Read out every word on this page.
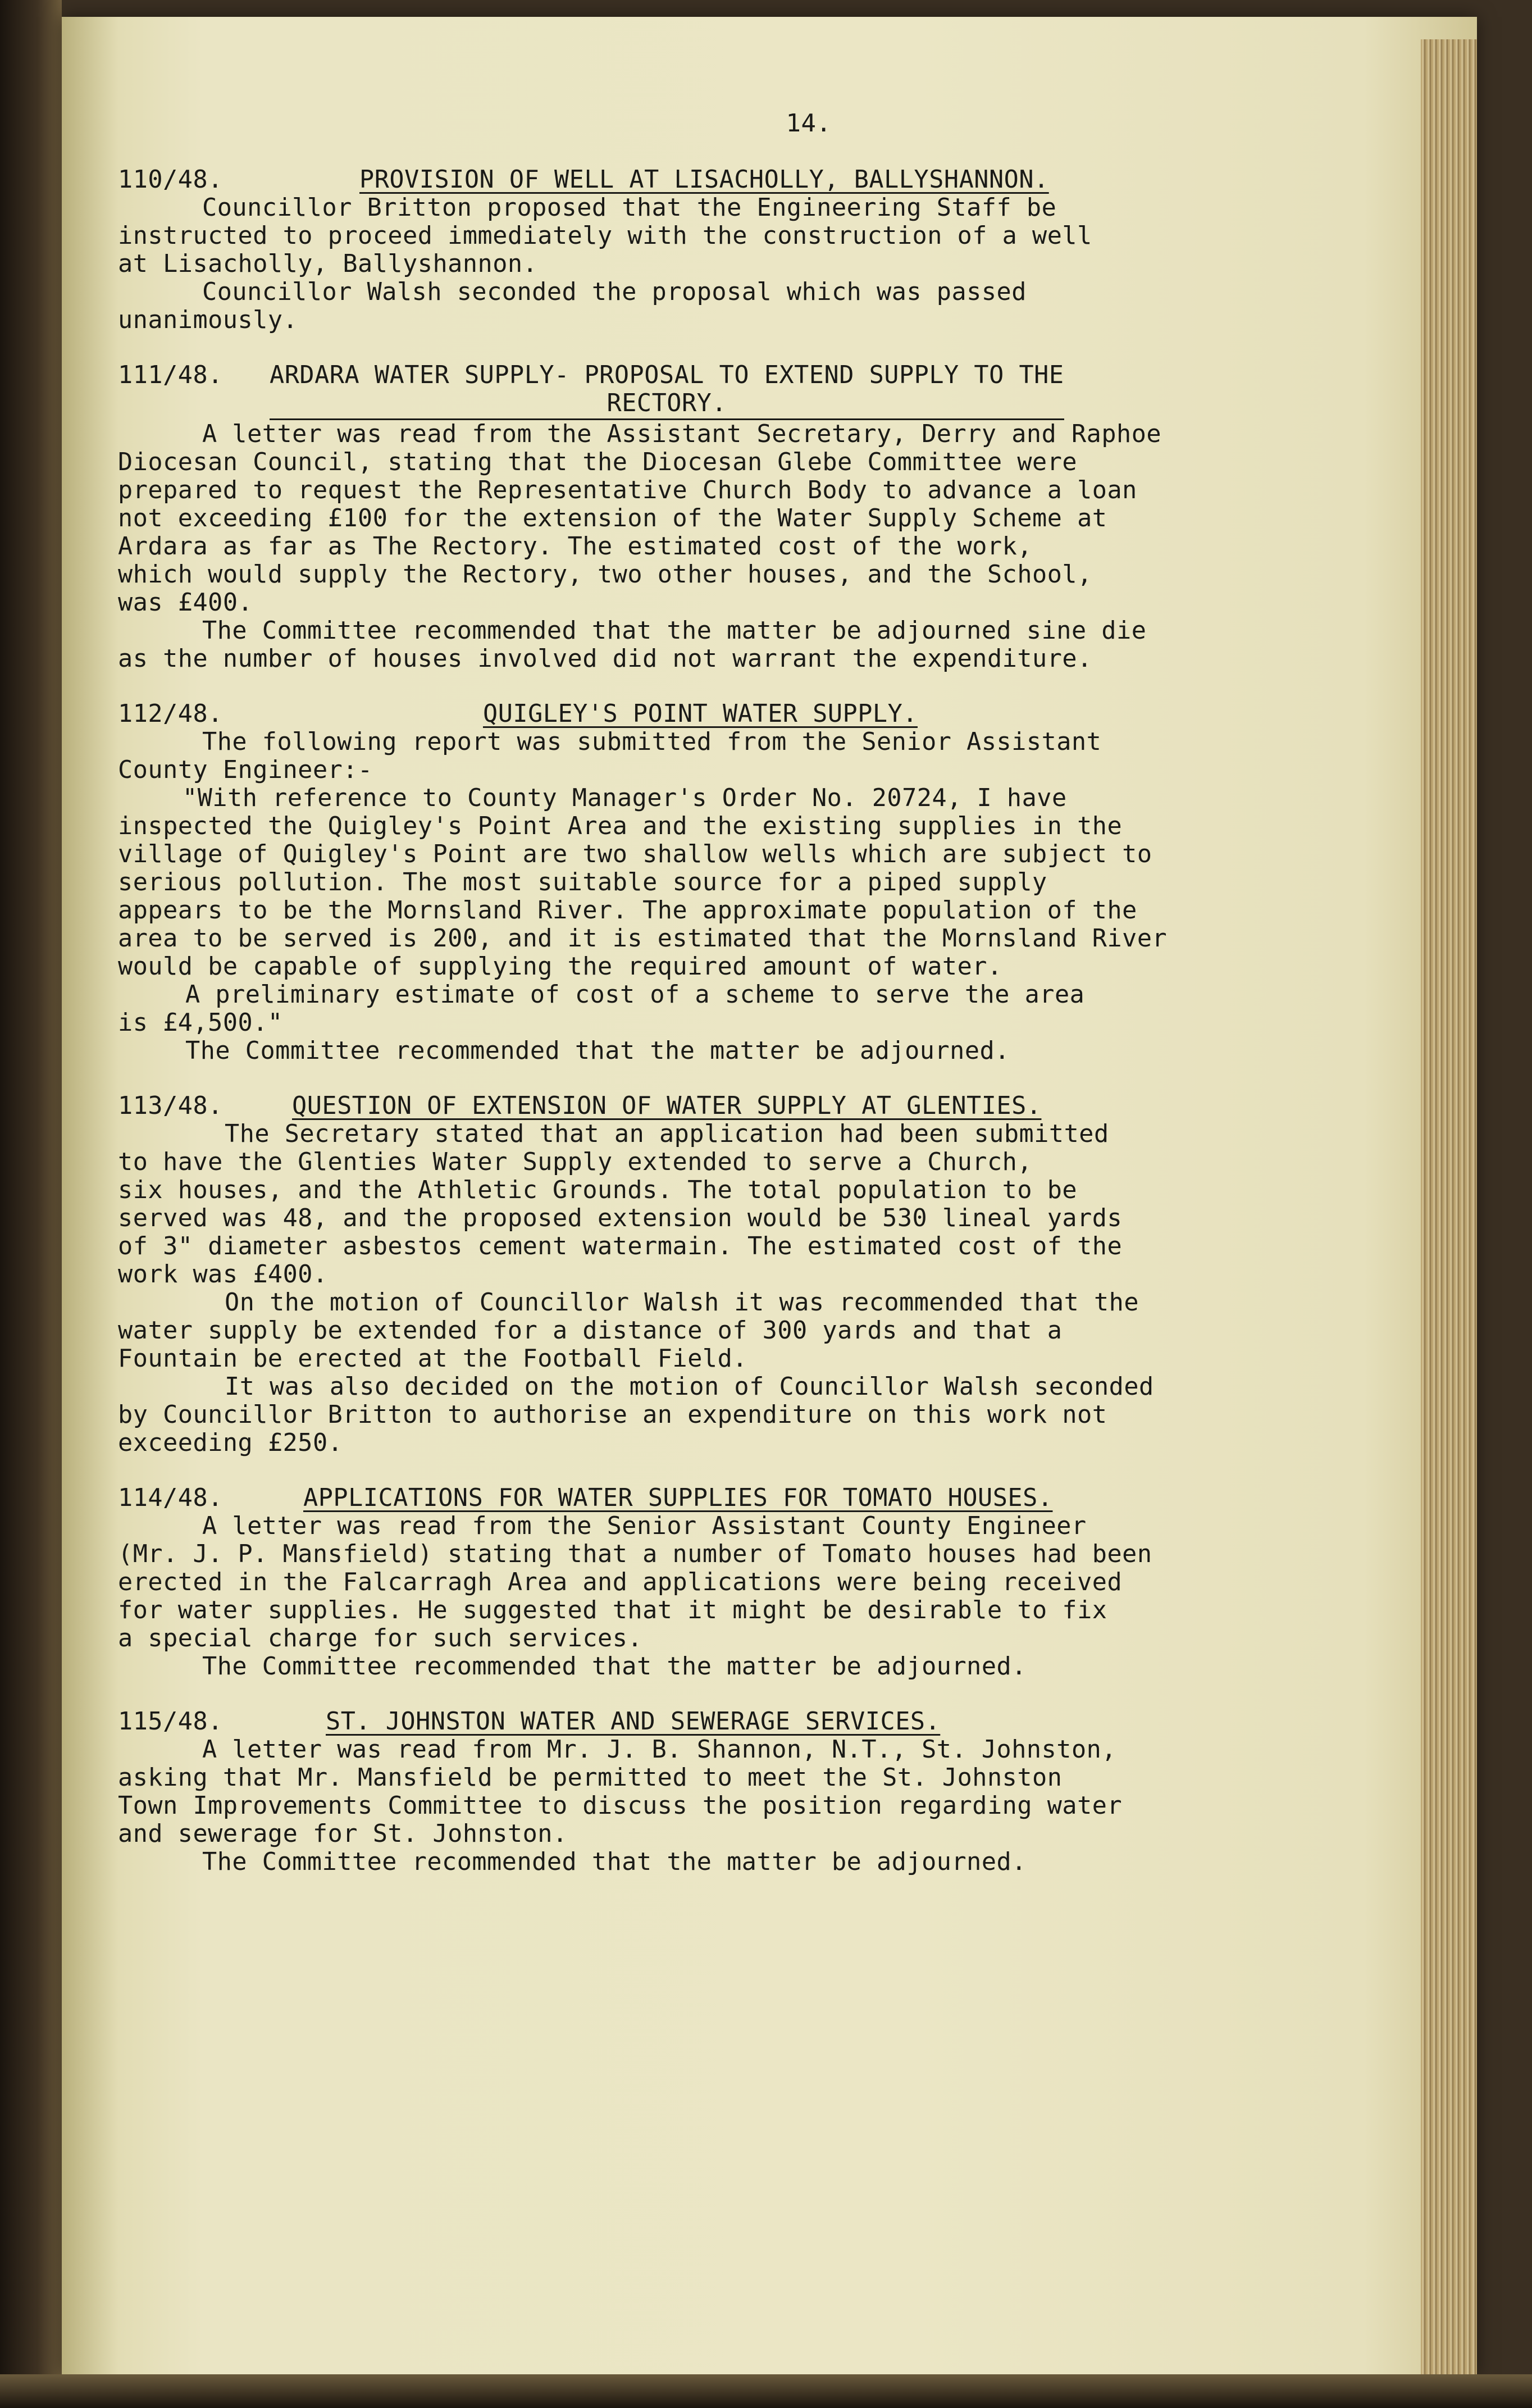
14.
110/48.	PROVISION OF WELL AT LISACHOLLY, BALLYSHANNON.

Councillor Britton proposed that the Engineering Staff be
instructed to proceed immediately with the construction of a well
at Lisacholly, Ballyshannon.

Councillor Walsh seconded the proposal which was passed
unanimously.

111/48. ARDARA WATER SUPPLY- PROPOSAL TO EXTEND SUPPLY TO THE
RECTORY.

A letter was read from the Assistant Secretary, Derry and Raphoe
Diocesan Council, stating that the Diocesan Glebe Committee were
prepared to request the Representative Church Body to advance a loan
not exceeding £100 for the extension of the Water Supply Scheme at
Ardara as far as The Rectory. The estimated cost of the work,
which would supply the Rectory, two other houses, and the School,
was £400.

The Committee recommended that the matter be adjourned sine die
as the number of houses involved did not warrant the expenditure.

112/48.	QUIGLEY'S POINT WATER SUPPLY.

The following report was submitted from the Senior Assistant
County Engineer:-

"With reference to County Manager's Order No. 20724, I have
inspected the Quigley's Point Area and the existing supplies in the
village of Quigley's Point are two shallow wells which are subject to
serious pollution. The most suitable source for a piped supply
appears to be the Mornsland River. The approximate population of the
area to be served is 200, and it is estimated that the Mornsland River
would be capable of supplying the required amount of water.

A preliminary estimate of cost of a scheme to serve the area
is £4,500."

The Committee recommended that the matter be adjourned.

113/48.	QUESTION OF EXTENSION OF WATER SUPPLY AT GLENTIES.

The Secretary stated that an application had been submitted
to have the Glenties Water Supply extended to serve a Church,
six houses, and the Athletic Grounds. The total population to be
served was 48, and the proposed extension would be 530 lineal yards
of 3" diameter asbestos cement watermain. The estimated cost of the
work was £400.

On the motion of Councillor Walsh it was recommended that the
water supply be extended for a distance of 300 yards and that a
Fountain be erected at the Football Field.

It was also decided on the motion of Councillor Walsh seconded
by Councillor Britton to authorise an expenditure on this work not
exceeding £250.

114/48.	APPLICATIONS FOR WATER SUPPLIES FOR TOMATO HOUSES.

A letter was read from the Senior Assistant County Engineer
(Mr. J. P. Mansfield) stating that a number of Tomato houses had been
erected in the Falcarragh Area and applications were being received
for water supplies. He suggested that it might be desirable to fix
a special charge for such services.

The Committee recommended that the matter be adjourned.

115/48.	ST. JOHNSTON WATER AND SEWERAGE SERVICES.

A letter was read from Mr. J. B. Shannon, N.T., St. Johnston,
asking that Mr. Mansfield be permitted to meet the St. Johnston
Town Improvements Committee to discuss the position regarding water
and sewerage for St. Johnston.

The Committee recommended that the matter be adjourned.
